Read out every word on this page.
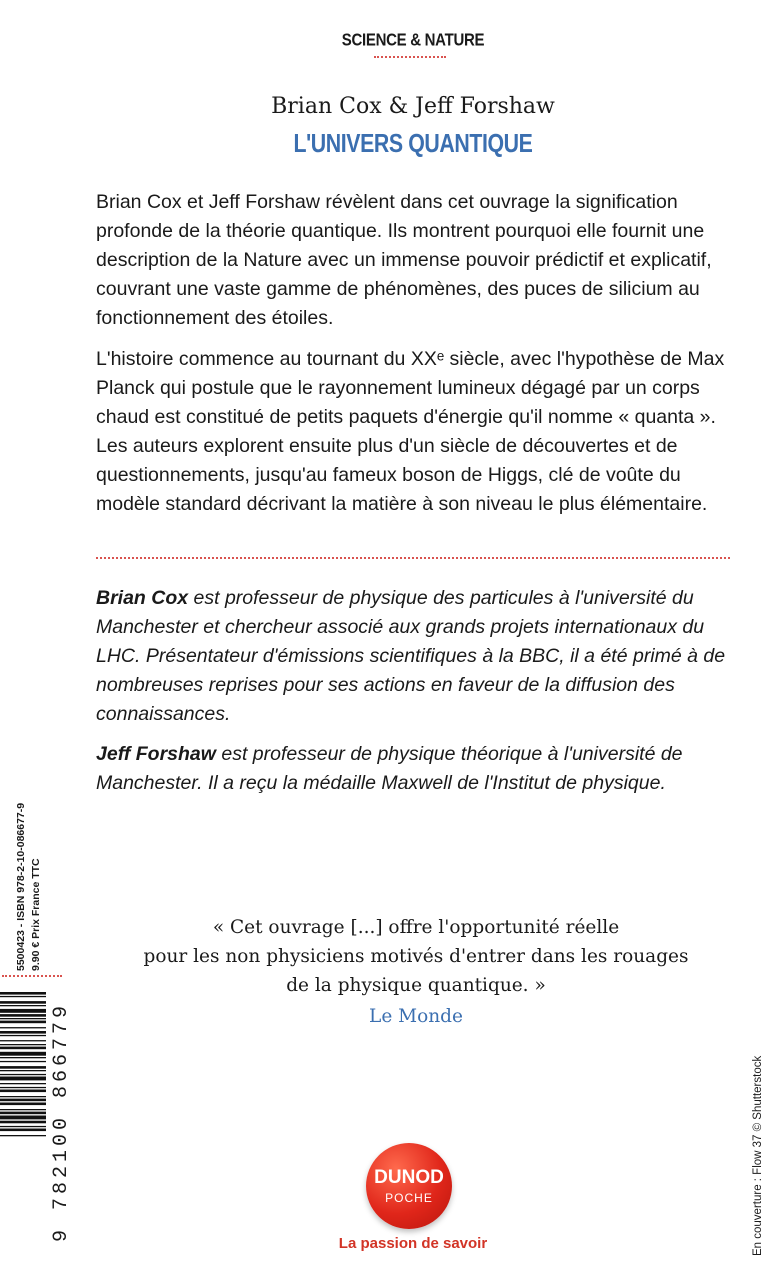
SCIENCE & NATURE
Brian Cox & Jeff Forshaw
L'UNIVERS QUANTIQUE
Brian Cox et Jeff Forshaw révèlent dans cet ouvrage la signification profonde de la théorie quantique. Ils montrent pourquoi elle fournit une description de la Nature avec un immense pouvoir prédictif et explicatif, couvrant une vaste gamme de phénomènes, des puces de silicium au fonctionnement des étoiles.
L'histoire commence au tournant du XXᵉ siècle, avec l'hypothèse de Max Planck qui postule que le rayonnement lumineux dégagé par un corps chaud est constitué de petits paquets d'énergie qu'il nomme « quanta ». Les auteurs explorent ensuite plus d'un siècle de découvertes et de questionnements, jusqu'au fameux boson de Higgs, clé de voûte du modèle standard décrivant la matière à son niveau le plus élémentaire.
Brian Cox est professeur de physique des particules à l'université du Manchester et chercheur associé aux grands projets internationaux du LHC. Présentateur d'émissions scientifiques à la BBC, il a été primé à de nombreuses reprises pour ses actions en faveur de la diffusion des connaissances.
Jeff Forshaw est professeur de physique théorique à l'université de Manchester. Il a reçu la médaille Maxwell de l'Institut de physique.
« Cet ouvrage [...] offre l'opportunité réelle
pour les non physiciens motivés d'entrer dans les rouages
de la physique quantique. »
Le Monde
DUNOD
POCHE
La passion de savoir
5500423 - ISBN 978-2-10-086677-9 9.90 € Prix France TTC
9 782100 866779	En couverture : Flow 37 © Shutterstock
